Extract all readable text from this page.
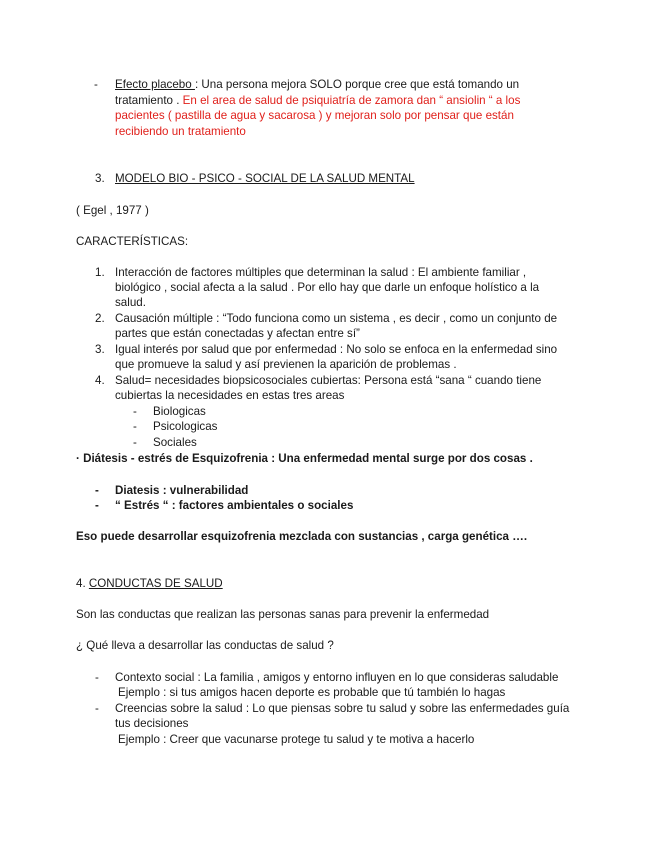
- Efecto placebo : Una persona mejora SOLO porque cree que está tomando un
tratamiento . En el area de salud de psiquiatría de zamora dan “ ansiolin “ a los
pacientes ( pastilla de agua y sacarosa ) y mejoran solo por pensar que están
recibiendo un tratamiento
3. MODELO BIO - PSICO - SOCIAL DE LA SALUD MENTAL
( Egel , 1977 )
CARACTERÍSTICAS:
1. Interacción de factores múltiples que determinan la salud : El ambiente familiar ,
biológico , social afecta a la salud . Por ello hay que darle un enfoque holístico a la
salud.
2. Causación múltiple : “Todo funciona como un sistema , es decir , como un conjunto de
partes que están conectadas y afectan entre sí”
3. Igual interés por salud que por enfermedad : No solo se enfoca en la enfermedad sino
que promueve la salud y así previenen la aparición de problemas .
4. Salud= necesidades biopsicosociales cubiertas: Persona está “sana “ cuando tiene
cubiertas la necesidades en estas tres areas
- Biologicas
- Psicologicas
- Sociales
· Diátesis - estrés de Esquizofrenia : Una enfermedad mental surge por dos cosas .
- Diatesis : vulnerabilidad
- “ Estrés “ : factores ambientales o sociales
Eso puede desarrollar esquizofrenia mezclada con sustancias , carga genética ….
4. CONDUCTAS DE SALUD
Son las conductas que realizan las personas sanas para prevenir la enfermedad
¿ Qué lleva a desarrollar las conductas de salud ?
- Contexto social : La familia , amigos y entorno influyen en lo que consideras saludable
Ejemplo : si tus amigos hacen deporte es probable que tú también lo hagas
- Creencias sobre la salud : Lo que piensas sobre tu salud y sobre las enfermedades guía
tus decisiones
Ejemplo : Creer que vacunarse protege tu salud y te motiva a hacerlo
